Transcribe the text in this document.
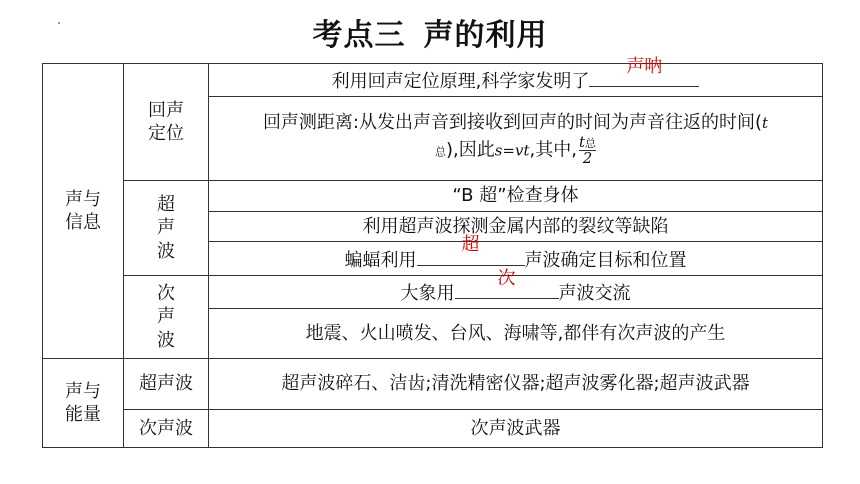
考点三 声的利用
声与信息	回声定位	利用回声定位原理,科学家发明了
声呐

		回声测距离:从发出声音到接收到回声的时间为声音往返的时间(t
总),因此s=vt,其中, $\frac{\text{t总}}{2}$

	超声波	“B 超”检查身体
		利用超声波探测金属内部的裂纹等缺陷
		蝙蝠利用
超
声波确定目标和位置
	次声波	大象用
次
声波交流
		地震、火山喷发、台风、海啸等,都伴有次声波的产生

声与能量	超声波	超声波碎石、洁齿;清洗精密仪器;超声波雾化器;超声波武器
	次声波	次声波武器
